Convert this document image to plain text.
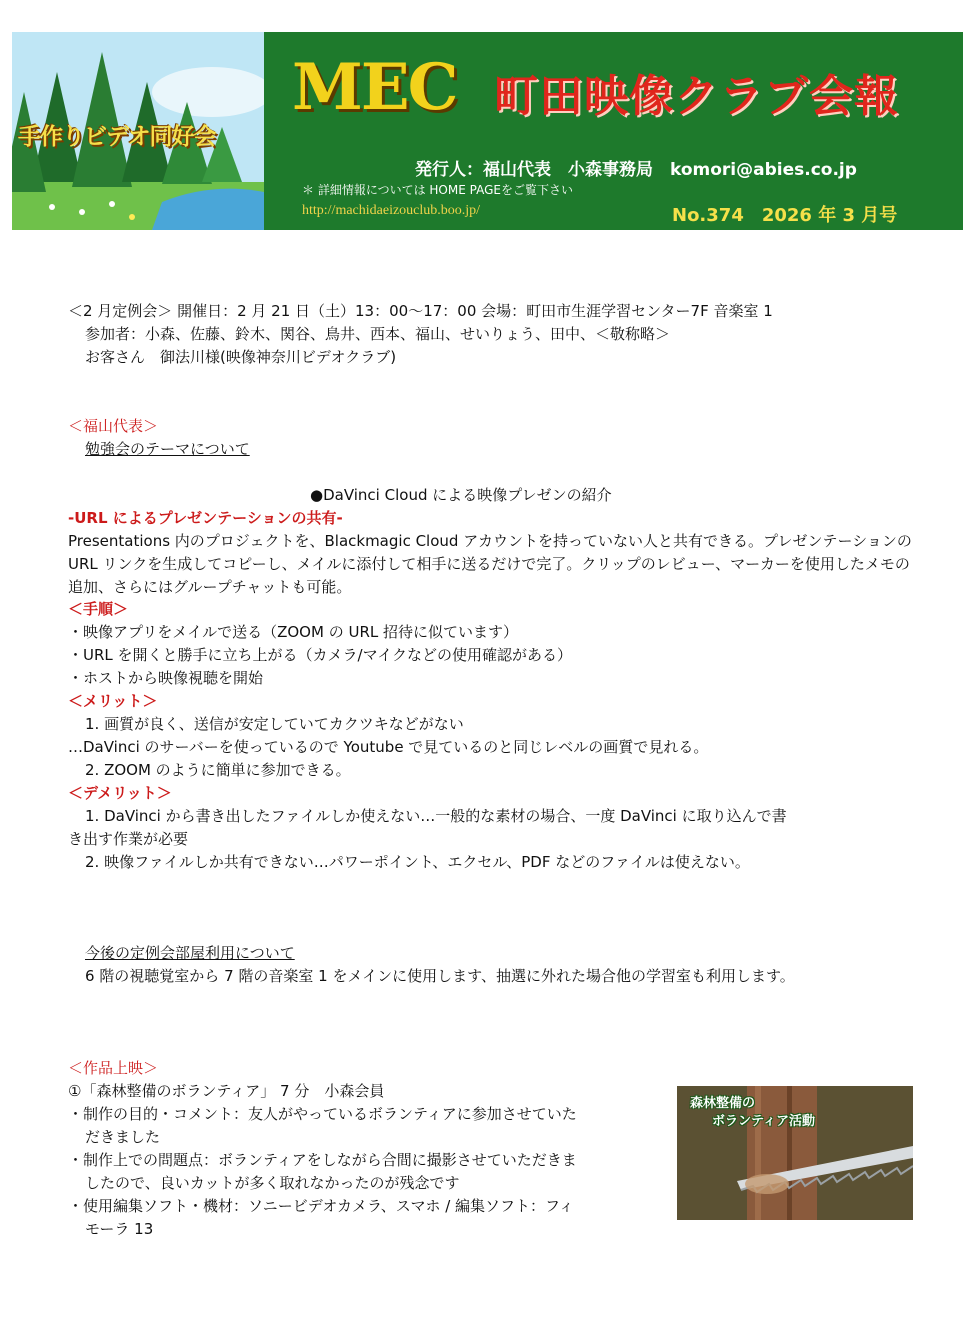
手作りビデオ同好会
MEC 町田映像クラブ会報
発行人：福山代表　小森事務局　komori@abies.co.jp
＊ 詳細情報については HOME PAGEをご覧下さい
http://machidaeizouclub.boo.jp/	No.374　2026 年 3 月号
＜2 月定例会＞ 開催日：2 月 21 日（土）13：00～17：00 会場：町田市生涯学習センター7F 音楽室 1
参加者：小森、佐藤、鈴木、関谷、鳥井、西本、福山、せいりょう、田中、＜敬称略＞
お客さん　御法川様(映像神奈川ビデオクラブ)
＜福山代表＞
勉強会のテーマについて
●DaVinci Cloud による映像プレゼンの紹介
-URL によるプレゼンテーションの共有-
Presentations 内のプロジェクトを、Blackmagic Cloud アカウントを持っていない人と共有できる。プレゼンテーションの URL リンクを生成してコピーし、メイルに添付して相手に送るだけで完了。クリップのレビュー、マーカーを使用したメモの追加、さらにはグループチャットも可能。
＜手順＞
・映像アプリをメイルで送る（ZOOM の URL 招待に似ています）
・URL を開くと勝手に立ち上がる（カメラ/マイクなどの使用確認がある）
・ホストから映像視聴を開始
＜メリット＞
1. 画質が良く、送信が安定していてカクツキなどがない
…DaVinci のサーバーを使っているので Youtube で見ているのと同じレベルの画質で見れる。
2. ZOOM のように簡単に参加できる。
＜デメリット＞
1. DaVinci から書き出したファイルしか使えない…一般的な素材の場合、一度 DaVinci に取り込んで書
き出す作業が必要
2. 映像ファイルしか共有できない…パワーポイント、エクセル、PDF などのファイルは使えない。
今後の定例会部屋利用について
6 階の視聴覚室から 7 階の音楽室 1 をメインに使用します、抽選に外れた場合他の学習室も利用します。
＜作品上映＞
①「森林整備のボランティア」 7 分　小森会員
・制作の目的・コメント：友人がやっているボランティアに参加させていた
だきました
・制作上での問題点：ボランティアをしながら合間に撮影させていただきま
したので、良いカットが多く取れなかったのが残念です
・使用編集ソフト・機材：ソニービデオカメラ、スマホ / 編集ソフト：フィ
モーラ 13
森林整備の
ボランティア活動
